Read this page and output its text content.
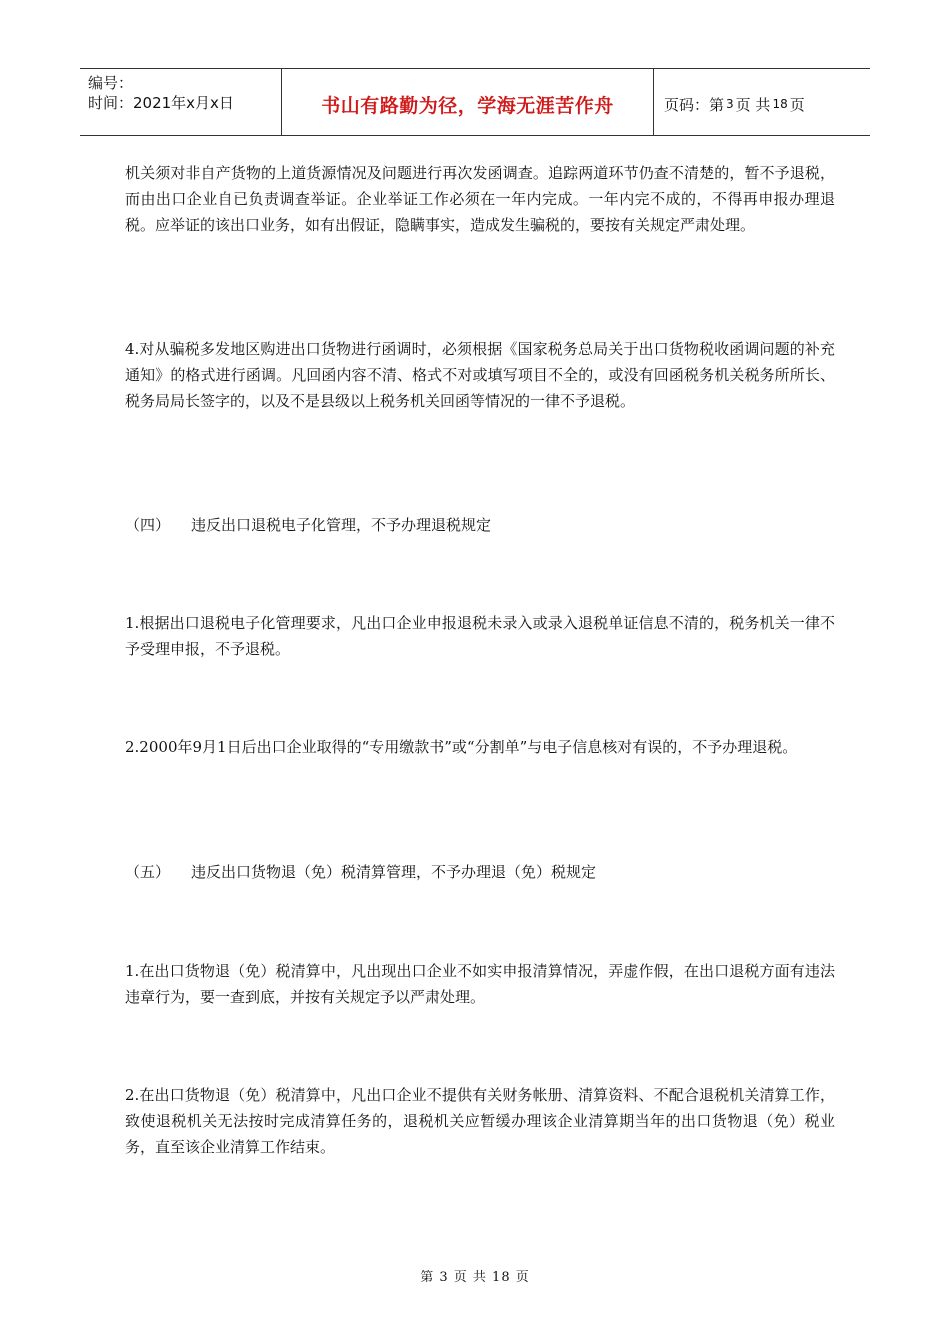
编号：
时间：2021年x月x日	书山有路勤为径，学海无涯苦作舟	页码：第 3 页 共 18 页

机关须对非自产货物的上道货源情况及问题进行再次发函调查。追踪两道环节仍查不清楚的，暂不予退税，而由出口企业自已负责调查举证。企业举证工作必须在一年内完成。一年内完不成的，不得再申报办理退税。应举证的该出口业务，如有出假证，隐瞒事实，造成发生骗税的，要按有关规定严肃处理。

4.对从骗税多发地区购进出口货物进行函调时，必须根据《国家税务总局关于出口货物税收函调问题的补充通知》的格式进行函调。凡回函内容不清、格式不对或填写项目不全的，或没有回函税务机关税务所所长、税务局局长签字的，以及不是县级以上税务机关回函等情况的一律不予退税。

（四） 违反出口退税电子化管理，不予办理退税规定

1.根据出口退税电子化管理要求，凡出口企业申报退税未录入或录入退税单证信息不清的，税务机关一律不予受理申报，不予退税。

2.2000年9月1日后出口企业取得的“专用缴款书”或“分割单”与电子信息核对有误的，不予办理退税。

（五） 违反出口货物退（免）税清算管理，不予办理退（免）税规定

1.在出口货物退（免）税清算中，凡出现出口企业不如实申报清算情况，弄虚作假，在出口退税方面有违法违章行为，要一查到底，并按有关规定予以严肃处理。

2.在出口货物退（免）税清算中，凡出口企业不提供有关财务帐册、清算资料、不配合退税机关清算工作，致使退税机关无法按时完成清算任务的，退税机关应暂缓办理该企业清算期当年的出口货物退（免）税业务，直至该企业清算工作结束。

第 3 页 共 18 页
